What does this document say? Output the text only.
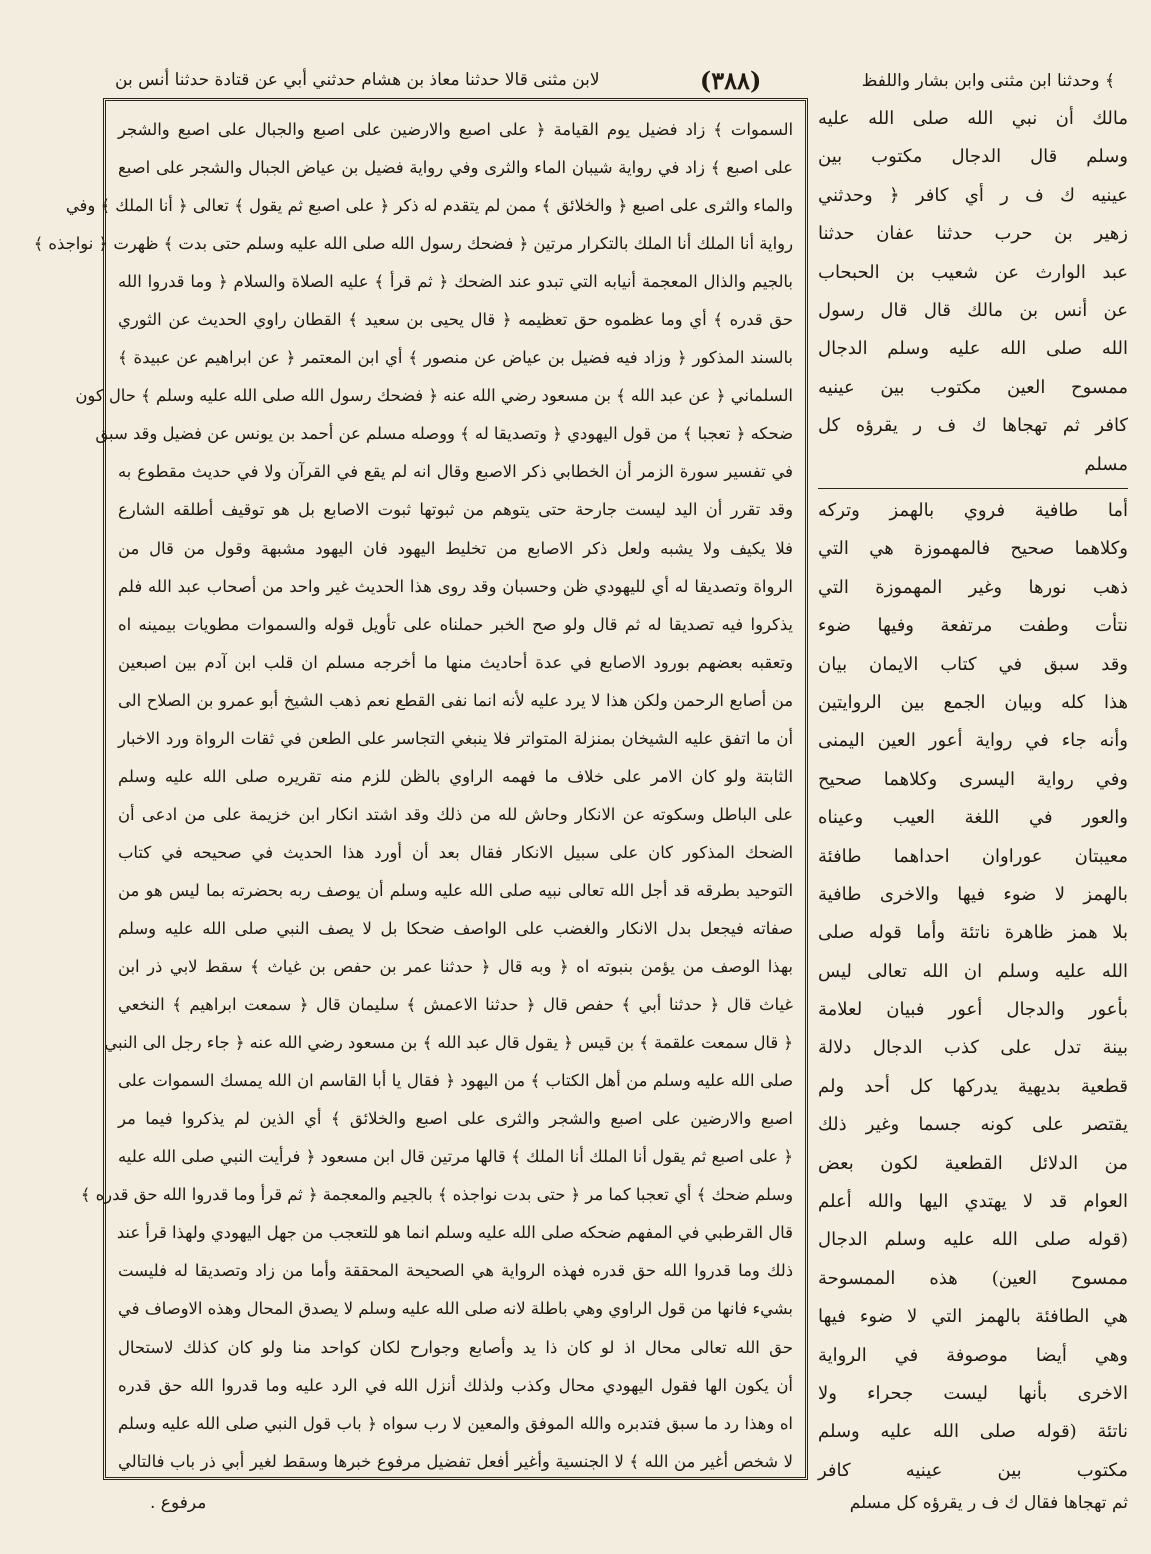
﴾ وحدثنا ابن مثنى وابن بشار واللفظ
(٣٨٨)
لابن مثنى قالا حدثنا معاذ بن هشام حدثني أبي عن قتادة حدثنا أنس بن
السموات ﴾ زاد فضيل يوم القيامة ﴿ على اصبع والارضين على اصبع والجبال على اصبع والشجر
على اصبع ﴾ زاد في رواية شيبان الماء والثرى وفي رواية فضيل بن عياض الجبال والشجر على اصبع
والماء والثرى على اصبع ﴿ والخلائق ﴾ ممن لم يتقدم له ذكر ﴿ على اصبع ثم يقول ﴾ تعالى ﴿ أنا الملك ﴾ وفي
رواية أنا الملك أنا الملك بالتكرار مرتين ﴿ فضحك رسول الله صلى الله عليه وسلم حتى بدت ﴾ ظهرت ﴿ نواجذه ﴾
بالجيم والذال المعجمة أنيابه التي تبدو عند الضحك ﴿ ثم قرأ ﴾ عليه الصلاة والسلام ﴿ وما قدروا الله
حق قدره ﴾ أي وما عظموه حق تعظيمه ﴿ قال يحيى بن سعيد ﴾ القطان راوي الحديث عن الثوري
بالسند المذكور ﴿ وزاد فيه فضيل بن عياض عن منصور ﴾ أي ابن المعتمر ﴿ عن ابراهيم عن عبيدة ﴾
السلماني ﴿ عن عبد الله ﴾ بن مسعود رضي الله عنه ﴿ فضحك رسول الله صلى الله عليه وسلم ﴾ حال كون
ضحكه ﴿ تعجبا ﴾ من قول اليهودي ﴿ وتصديقا له ﴾ ووصله مسلم عن أحمد بن يونس عن فضيل وقد سبق
في تفسير سورة الزمر أن الخطابي ذكر الاصبع وقال انه لم يقع في القرآن ولا في حديث مقطوع به
وقد تقرر أن اليد ليست جارحة حتى يتوهم من ثبوتها ثبوت الاصابع بل هو توقيف أطلقه الشارع
فلا يكيف ولا يشبه ولعل ذكر الاصابع من تخليط اليهود فان اليهود مشبهة وقول من قال من
الرواة وتصديقا له أي لليهودي ظن وحسبان وقد روى هذا الحديث غير واحد من أصحاب عبد الله فلم
يذكروا فيه تصديقا له ثم قال ولو صح الخبر حملناه على تأويل قوله والسموات مطويات بيمينه اه
وتعقبه بعضهم بورود الاصابع في عدة أحاديث منها ما أخرجه مسلم ان قلب ابن آدم بين اصبعين
من أصابع الرحمن ولكن هذا لا يرد عليه لأنه انما نفى القطع نعم ذهب الشيخ أبو عمرو بن الصلاح الى
أن ما اتفق عليه الشيخان بمنزلة المتواتر فلا ينبغي التجاسر على الطعن في ثقات الرواة ورد الاخبار
الثابتة ولو كان الامر على خلاف ما فهمه الراوي بالظن للزم منه تقريره صلى الله عليه وسلم
على الباطل وسكوته عن الانكار وحاش لله من ذلك وقد اشتد انكار ابن خزيمة على من ادعى أن
الضحك المذكور كان على سبيل الانكار فقال بعد أن أورد هذا الحديث في صحيحه في كتاب
التوحيد بطرقه قد أجل الله تعالى نبيه صلى الله عليه وسلم أن يوصف ربه بحضرته بما ليس هو من
صفاته فيجعل بدل الانكار والغضب على الواصف ضحكا بل لا يصف النبي صلى الله عليه وسلم
بهذا الوصف من يؤمن بنبوته اه ﴿ وبه قال ﴿ حدثنا عمر بن حفص بن غياث ﴾ سقط لابي ذر ابن
غياث قال ﴿ حدثنا أبي ﴾ حفص قال ﴿ حدثنا الاعمش ﴾ سليمان قال ﴿ سمعت ابراهيم ﴾ النخعي
﴿ قال سمعت علقمة ﴾ بن قيس ﴿ يقول قال عبد الله ﴾ بن مسعود رضي الله عنه ﴿ جاء رجل الى النبي
صلى الله عليه وسلم من أهل الكتاب ﴾ من اليهود ﴿ فقال يا أبا القاسم ان الله يمسك السموات على
اصبع والارضين على اصبع والشجر والثرى على اصبع والخلائق ﴾ أي الذين لم يذكروا فيما مر
﴿ على اصبع ثم يقول أنا الملك أنا الملك ﴾ قالها مرتين قال ابن مسعود ﴿ فرأيت النبي صلى الله عليه
وسلم ضحك ﴾ أي تعجبا كما مر ﴿ حتى بدت نواجذه ﴾ بالجيم والمعجمة ﴿ ثم قرأ وما قدروا الله حق قدره ﴾
قال القرطبي في المفهم ضحكه صلى الله عليه وسلم انما هو للتعجب من جهل اليهودي ولهذا قرأ عند
ذلك وما قدروا الله حق قدره فهذه الرواية هي الصحيحة المحققة وأما من زاد وتصديقا له فليست
بشيء فانها من قول الراوي وهي باطلة لانه صلى الله عليه وسلم لا يصدق المحال وهذه الاوصاف في
حق الله تعالى محال اذ لو كان ذا يد وأصابع وجوارح لكان كواحد منا ولو كان كذلك لاستحال
أن يكون الها فقول اليهودي محال وكذب ولذلك أنزل الله في الرد عليه وما قدروا الله حق قدره
اه وهذا رد ما سبق فتدبره والله الموفق والمعين لا رب سواه ﴿ باب قول النبي صلى الله عليه وسلم
لا شخص أغير من الله ﴾ لا الجنسية وأغير أفعل تفضيل مرفوع خبرها وسقط لغير أبي ذر باب فالتالي
مالك أن نبي الله صلى الله عليه
وسلم قال الدجال مكتوب بين
عينيه ك ف ر أي كافر ﴿ وحدثني
زهير بن حرب حدثنا عفان حدثنا
عبد الوارث عن شعيب بن الحبحاب
عن أنس بن مالك قال قال رسول
الله صلى الله عليه وسلم الدجال
ممسوح العين مكتوب بين عينيه
كافر ثم تهجاها ك ف ر يقرؤه كل
مسلم
أما طافية فروي بالهمز وتركه
وكلاهما صحيح فالمهموزة هي التي
ذهب نورها وغير المهموزة التي
نتأت وطفت مرتفعة وفيها ضوء
وقد سبق في كتاب الايمان بيان
هذا كله وبيان الجمع بين الروايتين
وأنه جاء في رواية أعور العين اليمنى
وفي رواية اليسرى وكلاهما صحيح
والعور في اللغة العيب وعيناه
معيبتان عوراوان احداهما طافئة
بالهمز لا ضوء فيها والاخرى طافية
بلا همز ظاهرة ناتئة وأما قوله صلى
الله عليه وسلم ان الله تعالى ليس
بأعور والدجال أعور فبيان لعلامة
بينة تدل على كذب الدجال دلالة
قطعية بديهية يدركها كل أحد ولم
يقتصر على كونه جسما وغير ذلك
من الدلائل القطعية لكون بعض
العوام قد لا يهتدي اليها والله أعلم
(قوله صلى الله عليه وسلم الدجال
ممسوح العين) هذه الممسوحة
هي الطافئة بالهمز التي لا ضوء فيها
وهي أيضا موصوفة في الرواية
الاخرى بأنها ليست جحراء ولا
ناتئة (قوله صلى الله عليه وسلم
مكتوب بين عينيه كافر
مرفوع .	ثم تهجاها فقال ك ف ر يقرؤه كل مسلم
